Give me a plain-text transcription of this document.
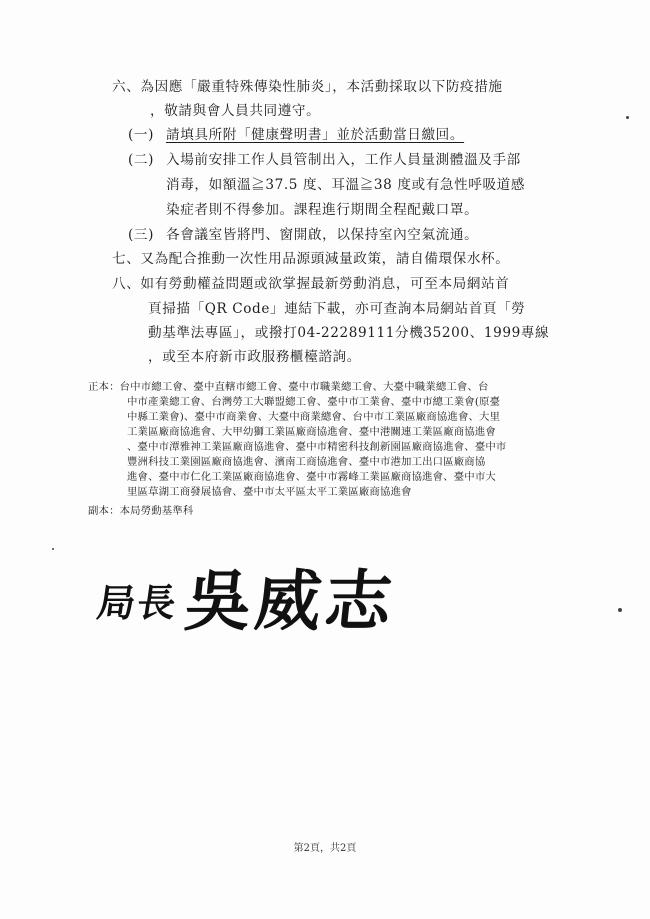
六、為因應「嚴重特殊傳染性肺炎」，本活動採取以下防疫措施
，敬請與會人員共同遵守。
(一) 請填具所附「健康聲明書」並於活動當日繳回。
(二) 入場前安排工作人員管制出入，工作人員量測體溫及手部
消毒，如額溫≧37.5 度、耳溫≧38 度或有急性呼吸道感
染症者則不得參加。課程進行期間全程配戴口罩。
(三) 各會議室皆將門、窗開啟，以保持室內空氣流通。
七、又為配合推動一次性用品源頭減量政策，請自備環保水杯。
八、如有勞動權益問題或欲掌握最新勞動消息，可至本局網站首
頁掃描「QR Code」連結下載，亦可查詢本局網站首頁「勞
動基準法專區」，或撥打04-22289111分機35200、1999專線
，或至本府新市政服務櫃檯諮詢。
正本：台中市總工會、臺中直轄市總工會、臺中市職業總工會、大臺中職業總工會、台
中市產業總工會、台灣勞工大聯盟總工會、臺中市工業會、臺中市總工業會(原臺
中縣工業會)、臺中市商業會、大臺中商業總會、台中市工業區廠商協進會、大里
工業區廠商協進會、大甲幼獅工業區廠商協進會、臺中港關連工業區廠商協進會
、臺中市潭雅神工業區廠商協進會、臺中市精密科技創新園區廠商協進會、臺中市
豐洲科技工業園區廠商協進會、濱南工商協進會、臺中市港加工出口區廠商協
進會、臺中市仁化工業區廠商協進會、臺中市霧峰工業區廠商協進會、臺中市大
里區草湖工商發展協會、臺中市太平區太平工業區廠商協進會
副本：本局勞動基準科
局長 吳威志
第2頁，共2頁
